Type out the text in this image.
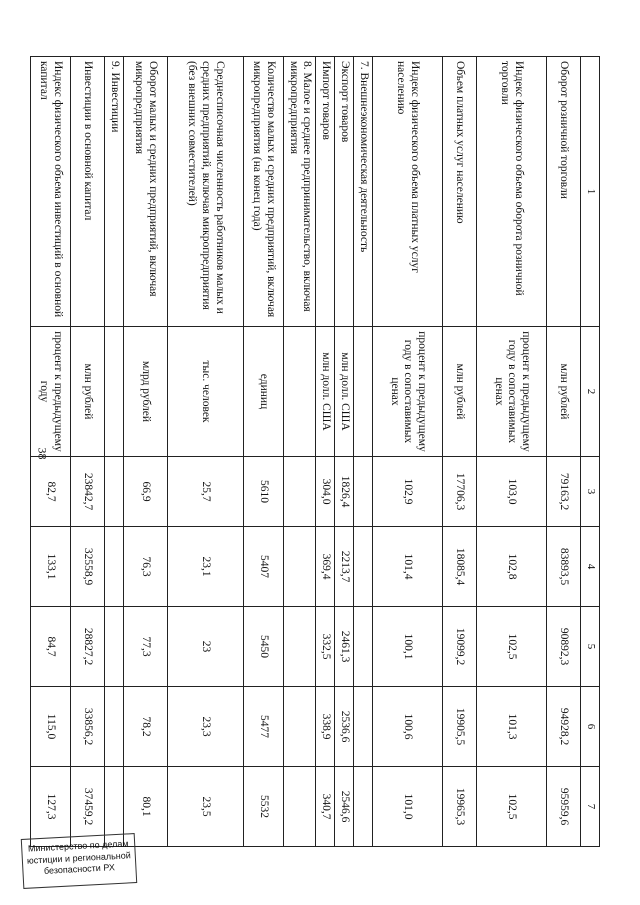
38
1	2	3	4	5	6	7
Оборот розничной торговли	млн рублей	79163,2	83893,5	90892,3	94928,2	95959,6
Индекс физического объема оборота розничной торговли	процент к предыдущему году в сопоставимых ценах	103,0	102,8	102,5	101,3	102,5
Объем платных услуг населению	млн рублей	17706,3	18085,4	19099,2	19905,5	19965,3
Индекс физического объема платных услуг населению	процент к предыдущему году в сопоставимых ценах	102,9	101,4	100,1	100,6	101,0
7. Внешнеэкономическая деятельность						
Экспорт товаров	млн долл. США	1826,4	2213,7	2461,3	2536,6	2546,6
Импорт товаров	млн долл. США	304,0	369,4	332,5	338,9	340,7
8. Малое и среднее предпринимательство, включая микропредприятия						
Количество малых и средних предприятий, включая микропредприятия (на конец года)	единиц	5610	5407	5450	5477	5532
Среднесписочная численность работников малых и средних предприятий, включая микропредприятия (без внешних совместителей)	тыс. человек	25,7	23,1	23	23,3	23,5
Оборот малых и средних предприятий, включая микропредприятия	млрд рублей	66,9	76,3	77,3	78,2	80,1
9. Инвестиции						
Инвестиции в основной капитал	млн рублей	23842,7	32558,9	28827,2	33856,2	37459,2
Индекс физического объема инвестиций в основной капитал	процент к предыдущему году	82,7	133,1	84,7	115,0	127,3
Министерство по делам
юстиции и региональной
безопасности РХ
